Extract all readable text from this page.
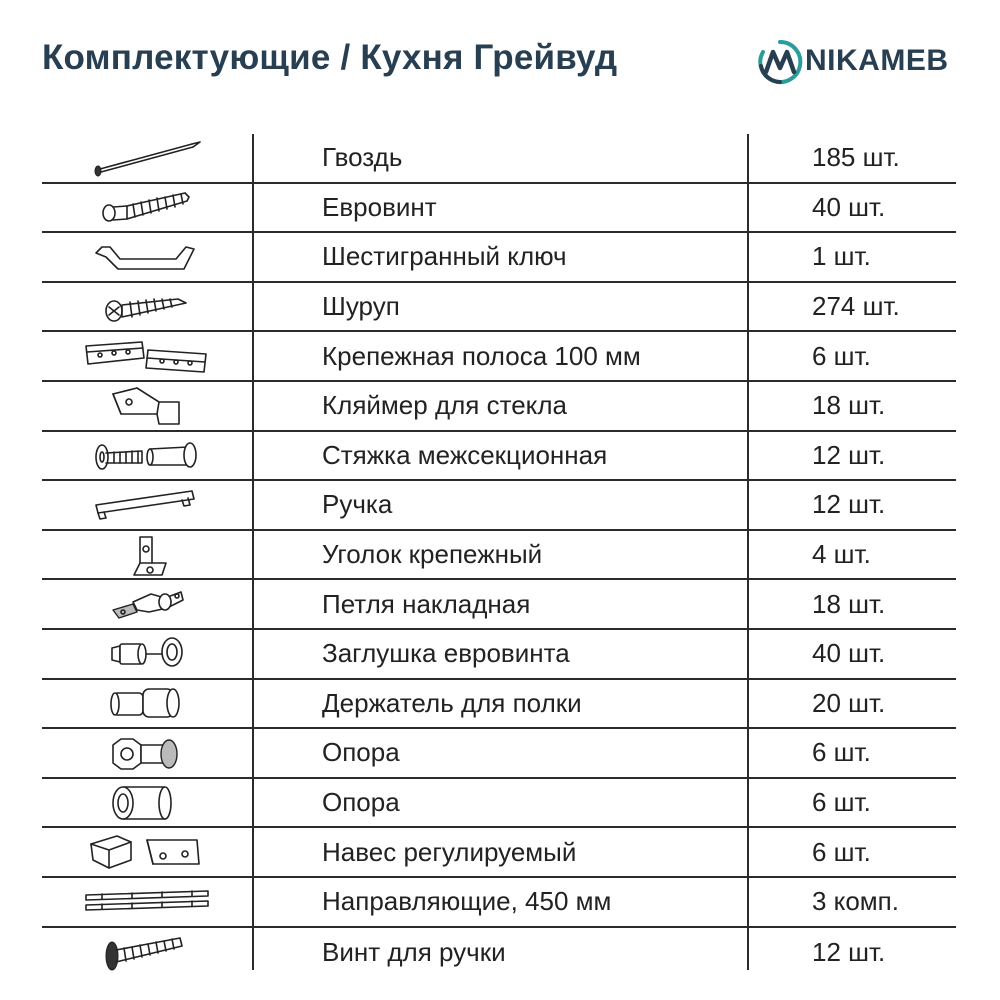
Комплектующие / Кухня Грейвуд	NIKAMEB
Гвоздь	185 шт.
Евровинт	40 шт.
Шестигранный ключ	1 шт.
Шуруп	274 шт.
Крепежная полоса 100 мм	6 шт.
Кляймер для стекла	18 шт.
Стяжка межсекционная	12 шт.
Ручка	12 шт.
Уголок крепежный	4 шт.
Петля накладная	18 шт.
Заглушка евровинта	40 шт.
Держатель для полки	20 шт.
Опора	6 шт.
Опора	6 шт.
Навес регулируемый	6 шт.
Направляющие, 450 мм	3 комп.
Винт для ручки	12 шт.
